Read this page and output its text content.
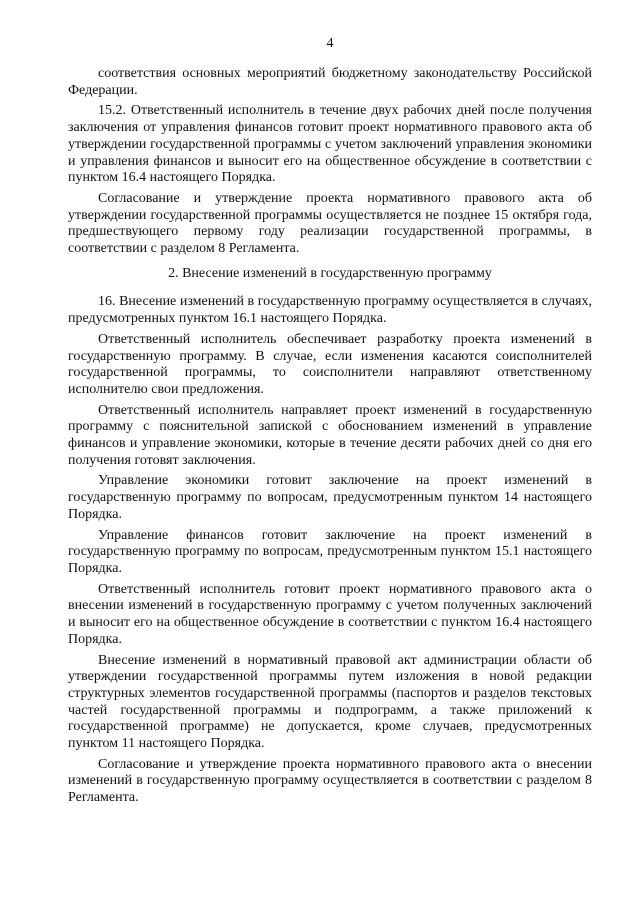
4

соответствия основных мероприятий бюджетному законодательству Российской Федерации.

15.2. Ответственный исполнитель в течение двух рабочих дней после получения заключения от управления финансов готовит проект нормативного правового акта об утверждении государственной программы с учетом заключений управления экономики и управления финансов и выносит его на общественное обсуждение в соответствии с пунктом 16.4 настоящего Порядка.

Согласование и утверждение проекта нормативного правового акта об утверждении государственной программы осуществляется не позднее 15 октября года, предшествующего первому году реализации государственной программы, в соответствии с разделом 8 Регламента.

2. Внесение изменений в государственную программу

16. Внесение изменений в государственную программу осуществляется в случаях, предусмотренных пунктом 16.1 настоящего Порядка.

Ответственный исполнитель обеспечивает разработку проекта изменений в государственную программу. В случае, если изменения касаются соисполнителей государственной программы, то соисполнители направляют ответственному исполнителю свои предложения.

Ответственный исполнитель направляет проект изменений в государственную программу с пояснительной запиской с обоснованием изменений в управление финансов и управление экономики, которые в течение десяти рабочих дней со дня его получения готовят заключения.

Управление экономики готовит заключение на проект изменений в государственную программу по вопросам, предусмотренным пунктом 14 настоящего Порядка.

Управление финансов готовит заключение на проект изменений в государственную программу по вопросам, предусмотренным пунктом 15.1 настоящего Порядка.

Ответственный исполнитель готовит проект нормативного правового акта о внесении изменений в государственную программу с учетом полученных заключений и выносит его на общественное обсуждение в соответствии с пунктом 16.4 настоящего Порядка.

Внесение изменений в нормативный правовой акт администрации области об утверждении государственной программы путем изложения в новой редакции структурных элементов государственной программы (паспортов и разделов текстовых частей государственной программы и подпрограмм, а также приложений к государственной программе) не допускается, кроме случаев, предусмотренных пунктом 11 настоящего Порядка.

Согласование и утверждение проекта нормативного правового акта о внесении изменений в государственную программу осуществляется в соответствии с разделом 8 Регламента.
